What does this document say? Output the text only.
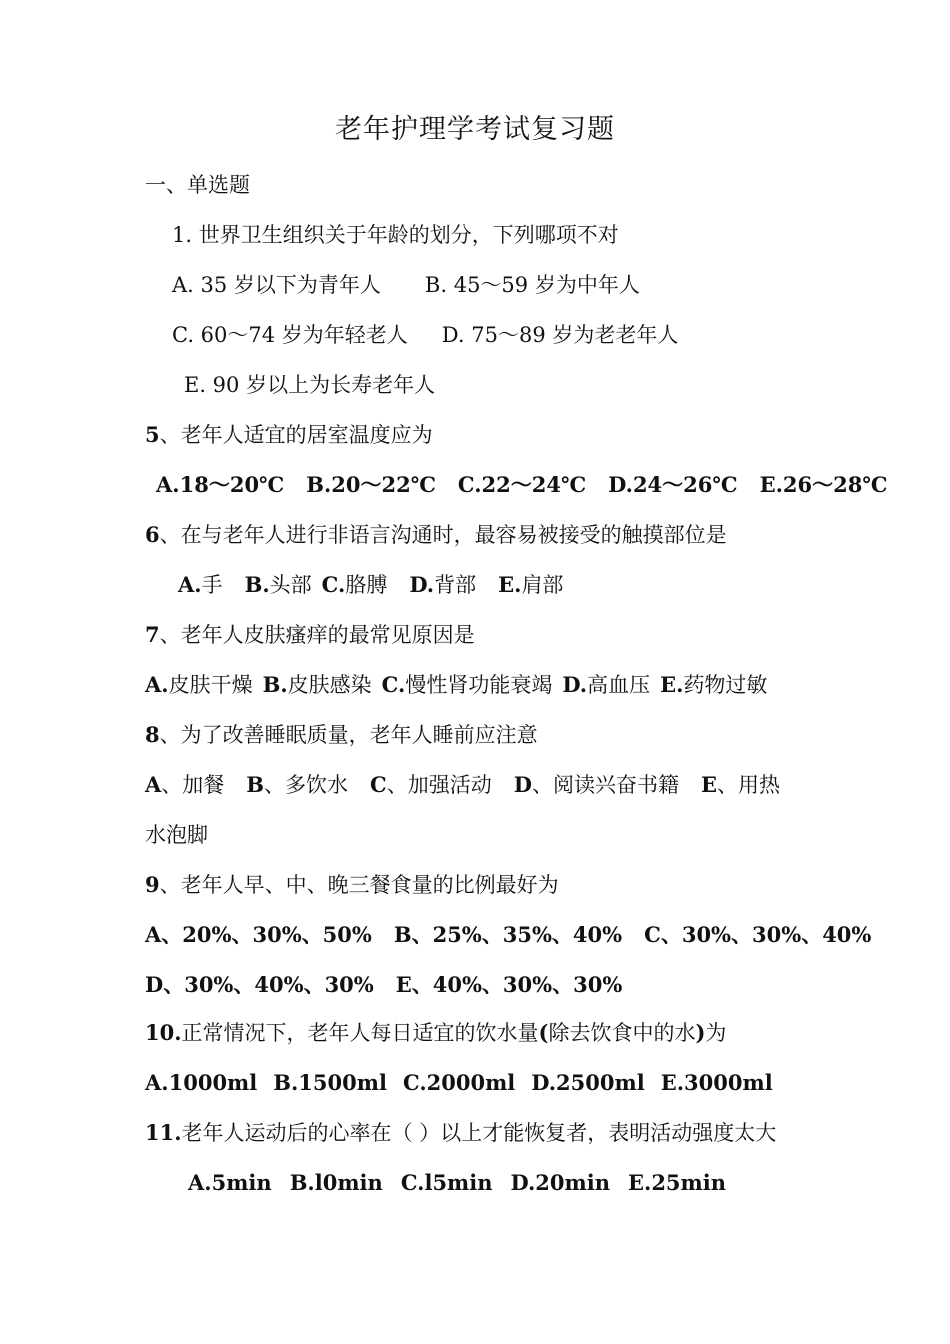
老年护理学考试复习题

一、单选题

1. 世界卫生组织关于年龄的划分，下列哪项不对

A. 35 岁以下为青年人 B. 45～59 岁为中年人

C. 60～74 岁为年轻老人 D. 75～89 岁为老老年人

E. 90 岁以上为长寿老年人

5、老年人适宜的居室温度应为

A.18～20℃ B.20～22℃ C.22～24℃ D.24～26℃ E.26～28℃

6、在与老年人进行非语言沟通时，最容易被接受的触摸部位是

A.手 B.头部 C.胳膊 D.背部 E.肩部

7、老年人皮肤瘙痒的最常见原因是

A.皮肤干燥 B.皮肤感染 C.慢性肾功能衰竭 D.高血压 E.药物过敏

8、为了改善睡眠质量，老年人睡前应注意

A、加餐 B、多饮水 C、加强活动 D、阅读兴奋书籍 E、用热

水泡脚

9、老年人早、中、晚三餐食量的比例最好为

A、20%、30%、50% B、25%、35%、40% C、30%、30%、40%

D、30%、40%、30% E、40%、30%、30%

10.正常情况下，老年人每日适宜的饮水量(除去饮食中的水)为

A.1000ml B.1500ml C.2000ml D.2500ml E.3000ml

11.老年人运动后的心率在（ ）以上才能恢复者，表明活动强度太大

A.5min B.l0min C.l5min D.20min E.25min
